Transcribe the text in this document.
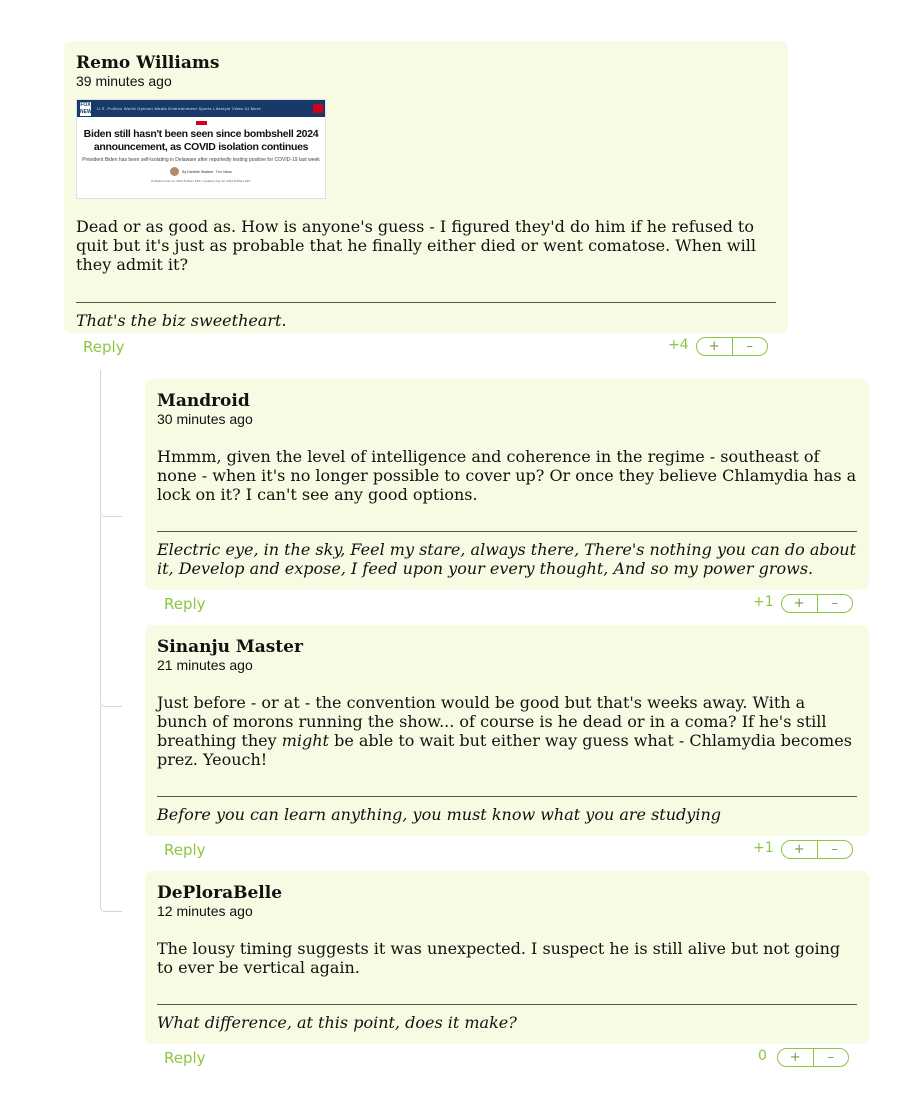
Remo Williams
39 minutes ago
FOX
NEWS U.S. Politics World Opinion Media Entertainment Sports Lifestyle Video AI More
Biden still hasn't been seen since bombshell 2024 announcement, as COVID isolation continues
President Biden has been self-isolating in Delaware after reportedly testing positive for COVID-19 last week
By Danielle Wallace · Fox News
Published July 22, 2024 8:46am EDT | Updated July 22, 2024 8:55am EDT
Dead or as good as. How is anyone's guess - I figured they'd do him if he refused to quit but it's just as probable that he finally either died or went comatose. When will they admit it?
That's the biz sweetheart.
Reply	+4	+	–
Mandroid
30 minutes ago
Hmmm, given the level of intelligence and coherence in the regime - southeast of none - when it's no longer possible to cover up? Or once they believe Chlamydia has a lock on it? I can't see any good options.
Electric eye, in the sky, Feel my stare, always there, There's nothing you can do about it, Develop and expose, I feed upon your every thought, And so my power grows.
Reply	+1	+	–
Sinanju Master
21 minutes ago
Just before - or at - the convention would be good but that's weeks away. With a bunch of morons running the show... of course is he dead or in a coma? If he's still breathing they might be able to wait but either way guess what - Chlamydia becomes prez. Yeouch!
Before you can learn anything, you must know what you are studying
Reply	+1	+	–
DePloraBelle
12 minutes ago
The lousy timing suggests it was unexpected. I suspect he is still alive but not going to ever be vertical again.
What difference, at this point, does it make?
Reply	0	+	–
